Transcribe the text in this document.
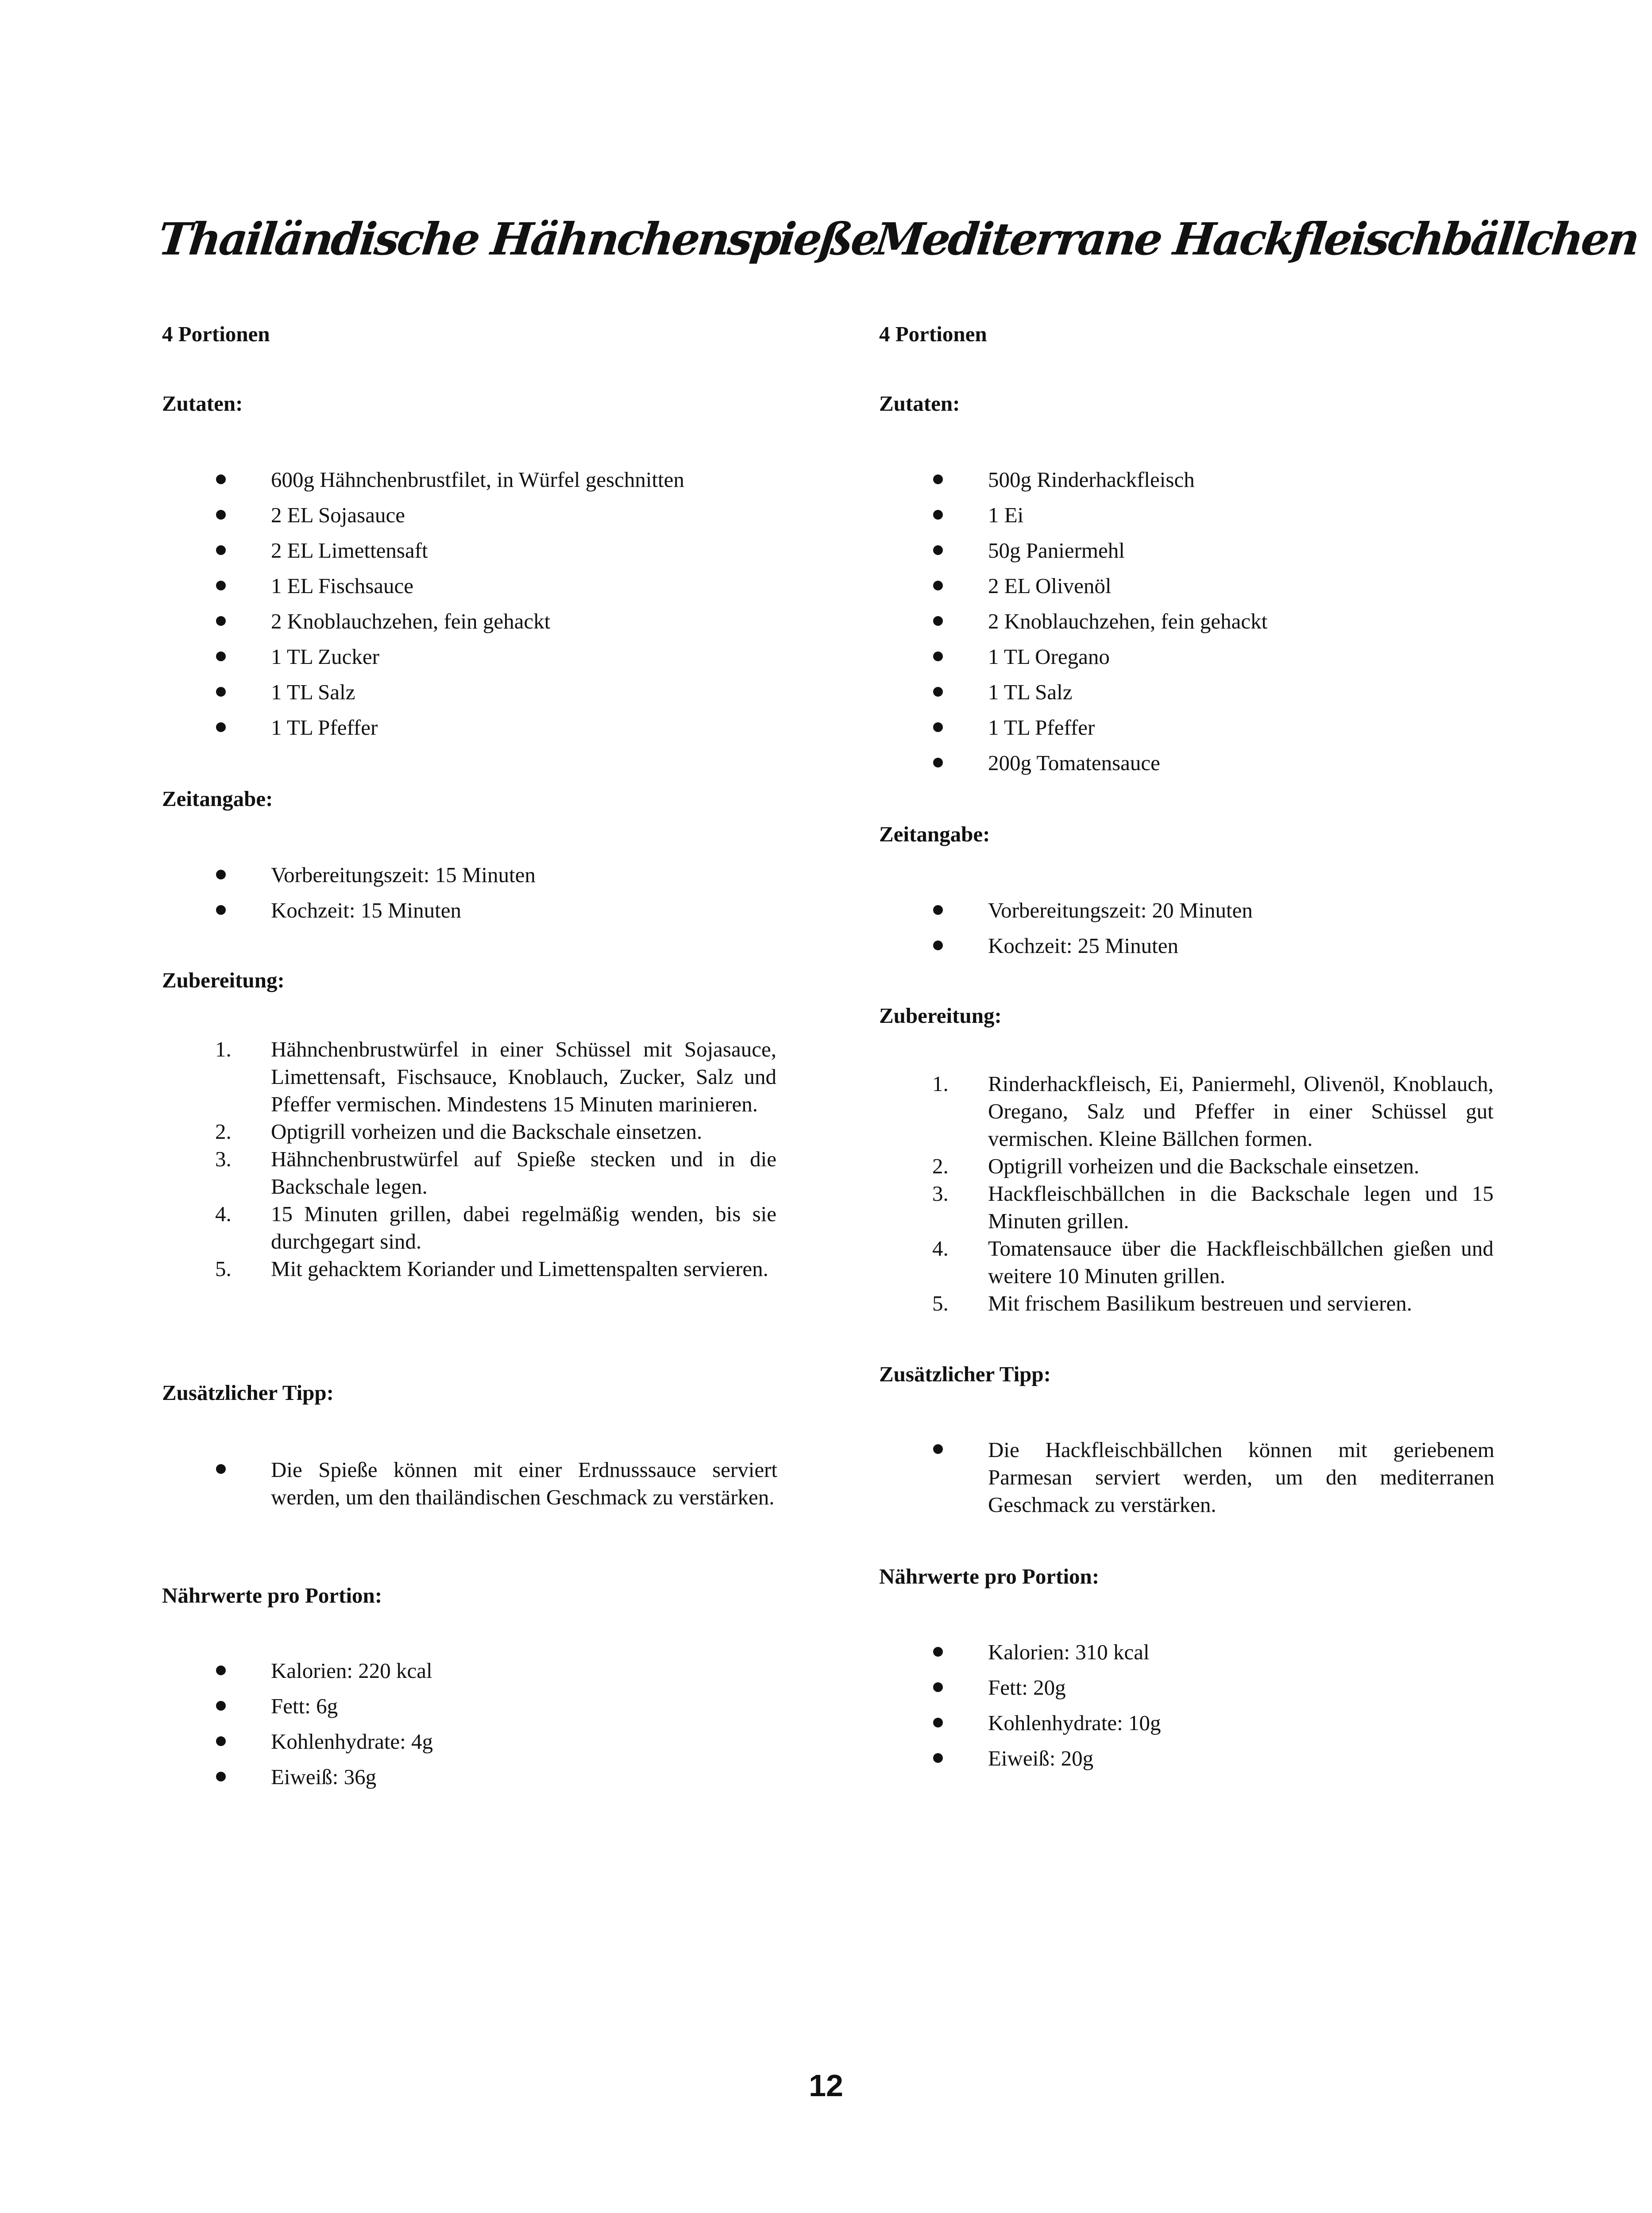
Thailändische Hähnchenspieße
4 Portionen
Zutaten:
600g Hähnchenbrustfilet, in Würfel geschnitten
2 EL Sojasauce
2 EL Limettensaft
1 EL Fischsauce
2 Knoblauchzehen, fein gehackt
1 TL Zucker
1 TL Salz
1 TL Pfeffer
Zeitangabe:
Vorbereitungszeit: 15 Minuten
Kochzeit: 15 Minuten
Zubereitung:
1. Hähnchenbrustwürfel in einer Schüssel mit Sojasauce, Limettensaft, Fischsauce, Knoblauch, Zucker, Salz und Pfeffer vermischen. Mindestens 15 Minuten marinieren.
2. Optigrill vorheizen und die Backschale einsetzen.
3. Hähnchenbrustwürfel auf Spieße stecken und in die Backschale legen.
4. 15 Minuten grillen, dabei regelmäßig wenden, bis sie durchgegart sind.
5. Mit gehacktem Koriander und Limettenspalten servieren.
Zusätzlicher Tipp:
Die Spieße können mit einer Erdnusssauce serviert werden, um den thailändischen Geschmack zu verstärken.
Nährwerte pro Portion:
Kalorien: 220 kcal
Fett: 6g
Kohlenhydrate: 4g
Eiweiß: 36g
Mediterrane Hackfleischbällchen
4 Portionen
Zutaten:
500g Rinderhackfleisch
1 Ei
50g Paniermehl
2 EL Olivenöl
2 Knoblauchzehen, fein gehackt
1 TL Oregano
1 TL Salz
1 TL Pfeffer
200g Tomatensauce
Zeitangabe:
Vorbereitungszeit: 20 Minuten
Kochzeit: 25 Minuten
Zubereitung:
1. Rinderhackfleisch, Ei, Paniermehl, Olivenöl, Knoblauch, Oregano, Salz und Pfeffer in einer Schüssel gut vermischen. Kleine Bällchen formen.
2. Optigrill vorheizen und die Backschale einsetzen.
3. Hackfleischbällchen in die Backschale legen und 15 Minuten grillen.
4. Tomatensauce über die Hackfleischbällchen gießen und weitere 10 Minuten grillen.
5. Mit frischem Basilikum bestreuen und servieren.
Zusätzlicher Tipp:
Die Hackfleischbällchen können mit geriebenem Parmesan serviert werden, um den mediterranen Geschmack zu verstärken.
Nährwerte pro Portion:
Kalorien: 310 kcal
Fett: 20g
Kohlenhydrate: 10g
Eiweiß: 20g
12
